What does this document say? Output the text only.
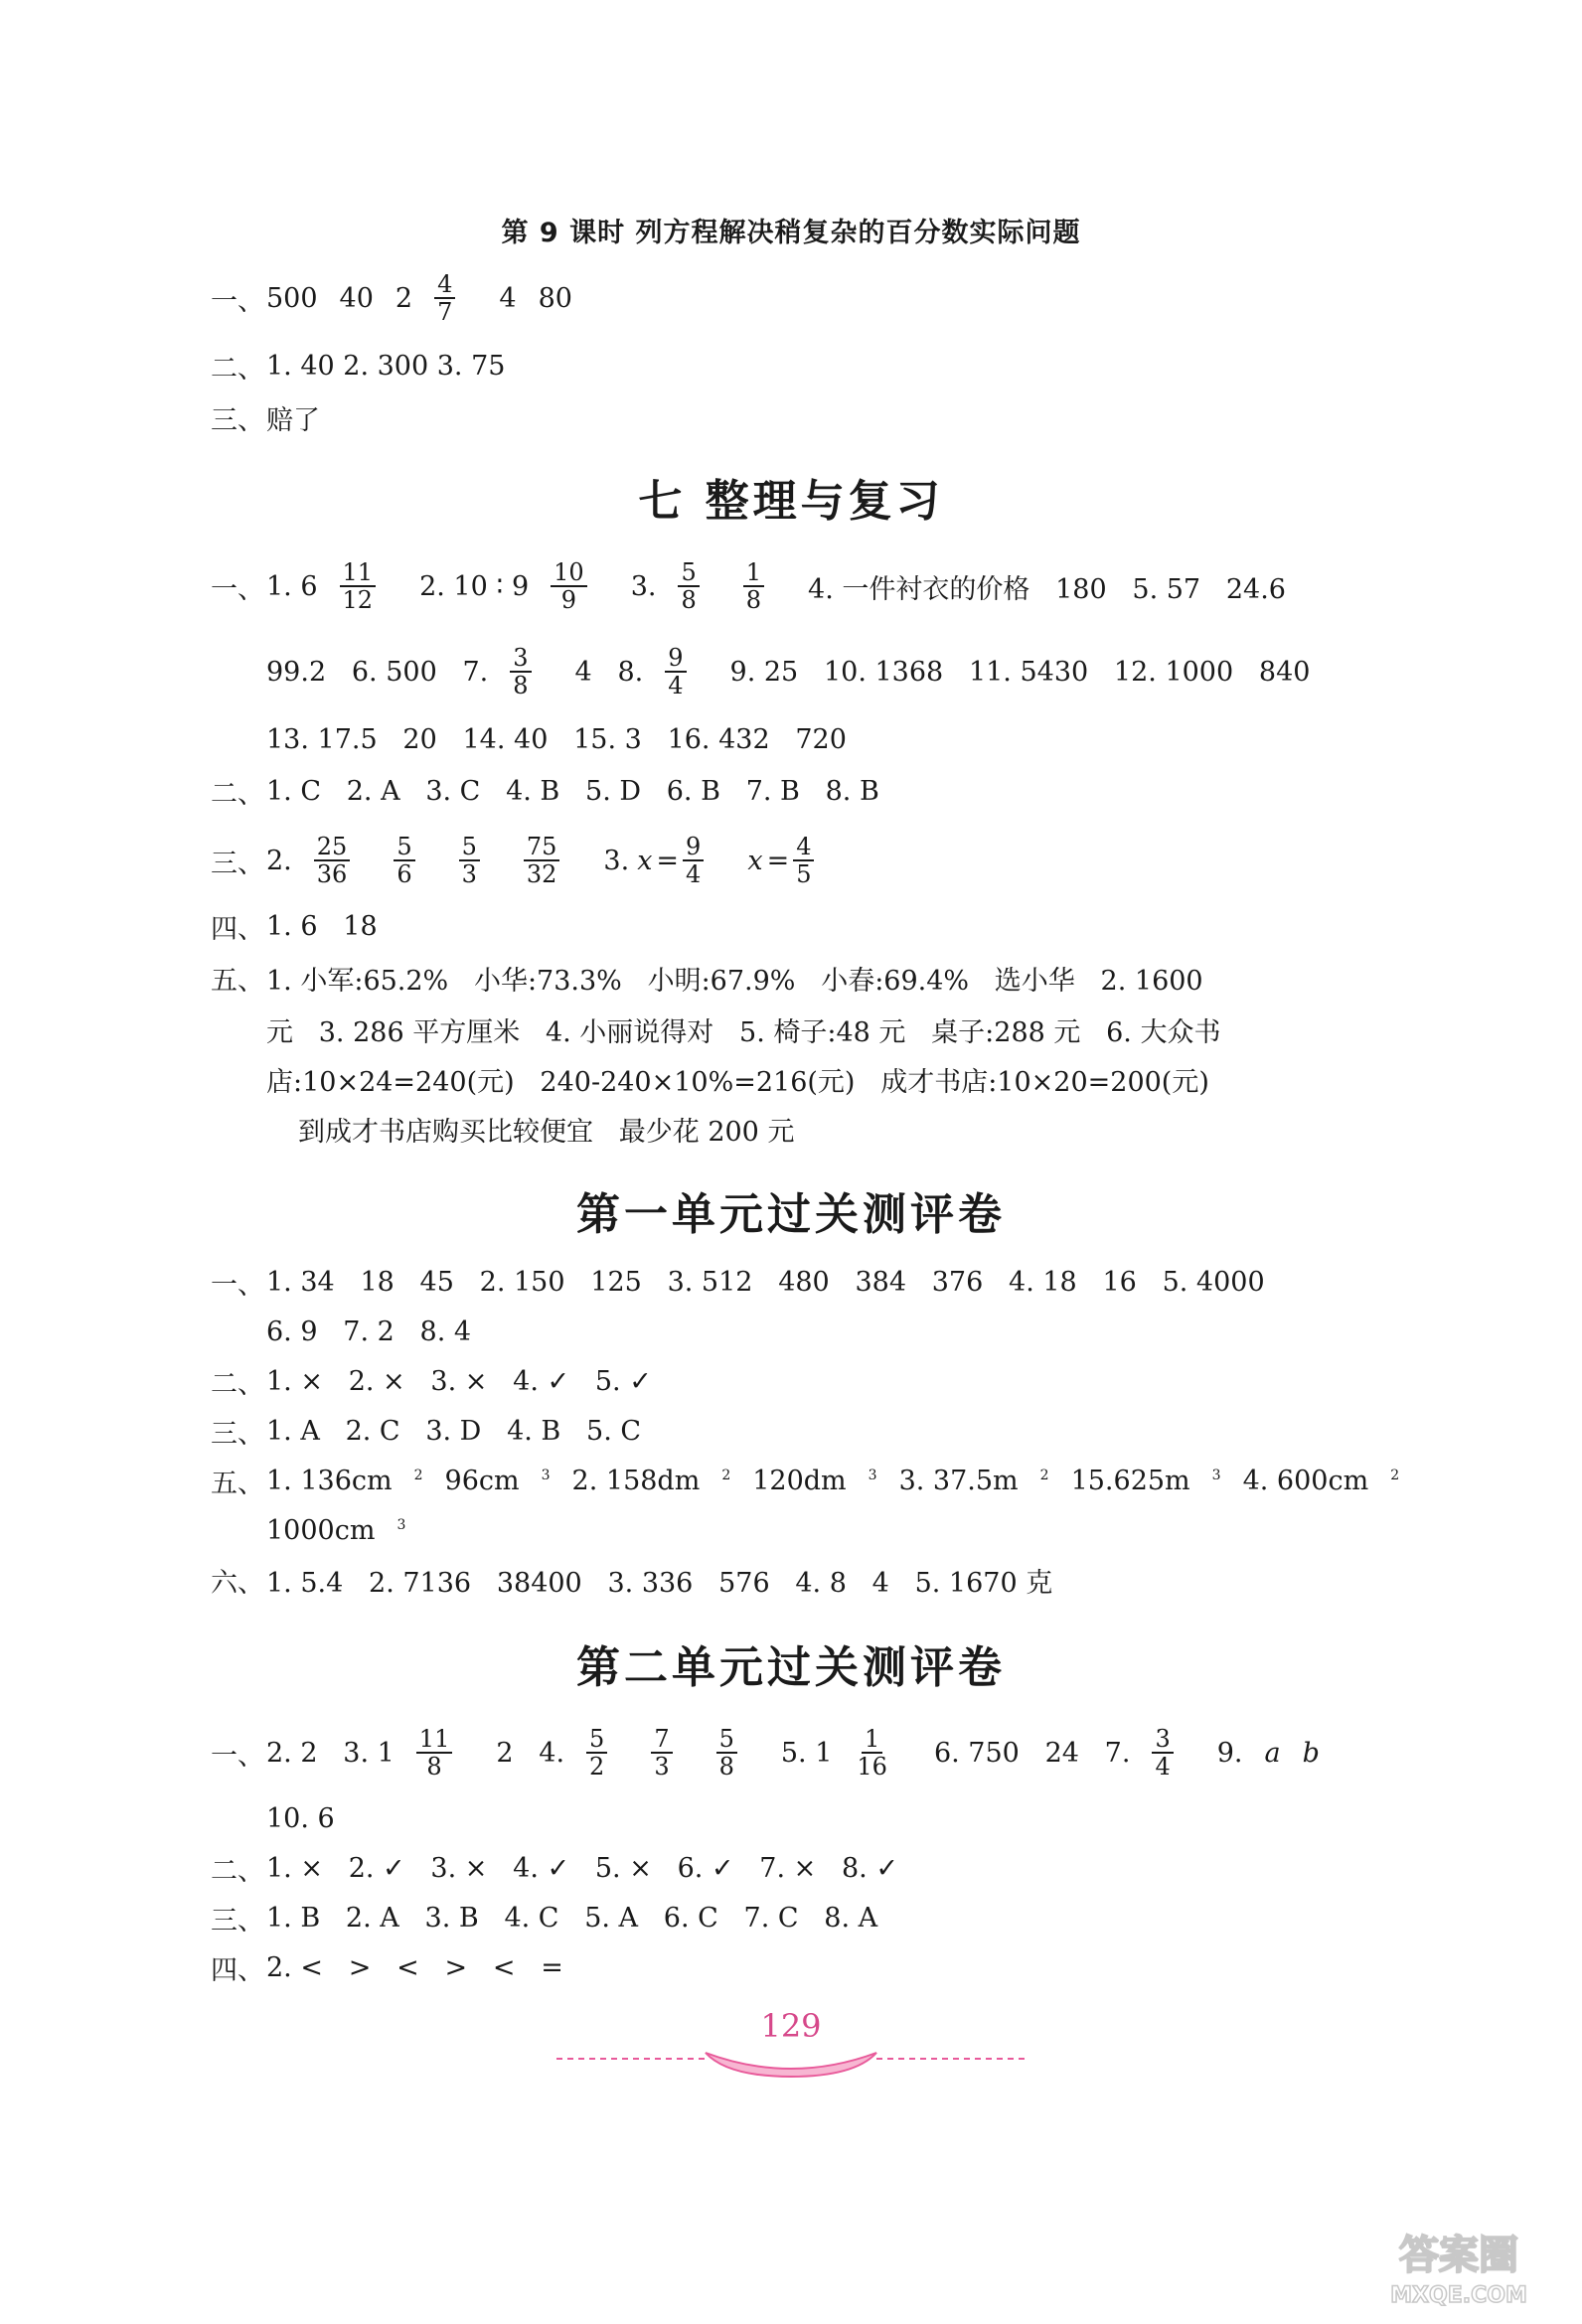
第 9 课时 列方程解决稍复杂的百分数实际问题
一、 500 40 $2 \frac{4}{7} 4$ 80
二、 1. 40 2. 300 3. 75
三、 赔了
七 整理与复习
一、 1. $6 \frac{11}{12} 2$. 10 ∶ $9 \frac{10}{9} 3$. $\frac{5}{8} \frac{1}{8} 4$. 一件衬衣的价格   180   5. 57   24.6
99.2   6. 500   7. $\frac{3}{8} 4$   8. $\frac{9}{4} 9$. 25   10. 1368   11. 5430   12. 1000   840
13. 17.5   20   14. 40   15. 3   16. 432   720
二、 1. C   2. A   3. C   4. B   5. D   6. B   7. B   8. B
三、 2. $\frac{25}{36} \frac{5}{6} \frac{5}{3} \frac{75}{32} 3$. $x = \frac{9}{4}$ $x = \frac{4}{5}$
四、 1. 6   18
五、 1. 小军:65.2%   小华:73.3%   小明:67.9%   小春:69.4%   选小华   2. 1600
元   3. 286 平方厘米   4. 小丽说得对   5. 椅子:48 元   桌子:288 元   6. 大众书
店:10×24=240(元)   240-240×10%=216(元)   成才书店:10×20=200(元)
到成才书店购买比较便宜   最少花 200 元
第一单元过关测评卷
一、 1. 34   18   45   2. 150   125   3. 512   480   384   376   4. 18   16   5. 4000
6. 9   7. 2   8. 4
二、 1. ×   2. ×   3. ×   4. ✓   5. ✓
三、 1. A   2. C   3. D   4. B   5. C
五、 1. 136cm $^2$ 96cm $^3$ 2. 158dm $^2$ 120dm $^3$ 3. 37.5m $^2$ 15.625m $^3$ 4. 600cm $^2$
1000cm $^3$
六、 1. 5.4   2. 7136   38400   3. 336   576   4. 8   4   5. 1670 克
第二单元过关测评卷
一、 2. 2   3. $1 \frac{11}{8} 2$   4. $\frac{5}{2} \frac{7}{3} \frac{5}{8} 5$. $1 \frac{1}{16} 6$. 750   24   7. $\frac{3}{4} 9$. a b
10. 6
二、 1. ×   2. ✓   3. ×   4. ✓   5. ×   6. ✓   7. ×   8. ✓
三、 1. B   2. A   3. B   4. C   5. A   6. C   7. C   8. A
四、 2. <   >   <   >   <   =
129
答案圈
MXQE.COM
